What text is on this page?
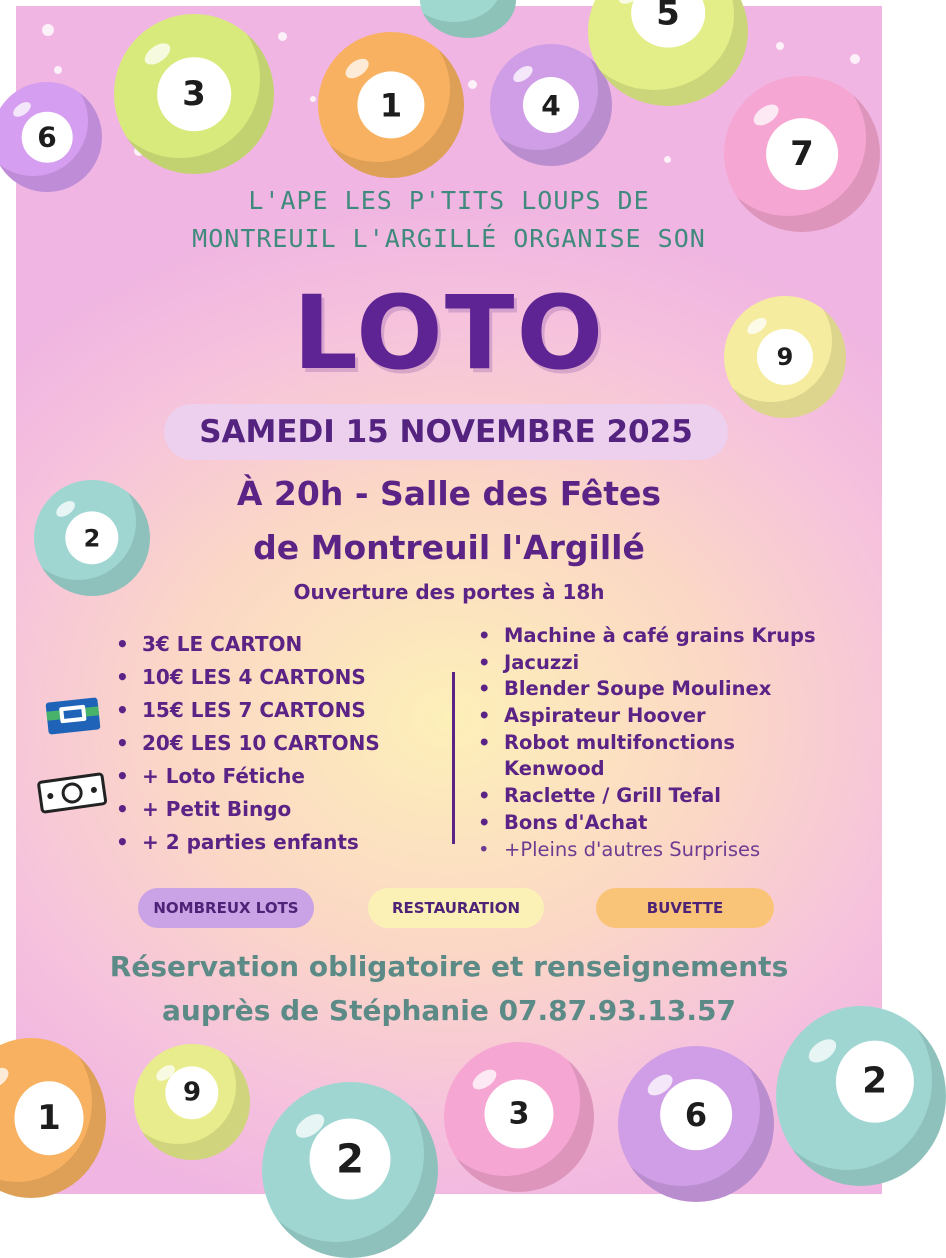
3	1	4
5
6	7
9
2
L'APE LES P'TITS LOUPS DE
MONTREUIL L'ARGILLÉ ORGANISE SON
LOTO
SAMEDI 15 NOVEMBRE 2025
À 20h - Salle des Fêtes
de Montreuil l'Argillé
Ouverture des portes à 18h
• 3€ LE CARTON
• 10€ LES 4 CARTONS
• 15€ LES 7 CARTONS
• 20€ LES 10 CARTONS
• + Loto Fétiche
• + Petit Bingo
• + 2 parties enfants
• Machine à café grains Krups
• Jacuzzi
• Blender Soupe Moulinex
• Aspirateur Hoover
• Robot multifonctions
Kenwood
• Raclette / Grill Tefal
• Bons d'Achat
• +Pleins d'autres Surprises
NOMBREUX LOTS	RESTAURATION	BUVETTE
Réservation obligatoire et renseignements
auprès de Stéphanie 07.87.93.13.57
1
9
2
3	6
2
